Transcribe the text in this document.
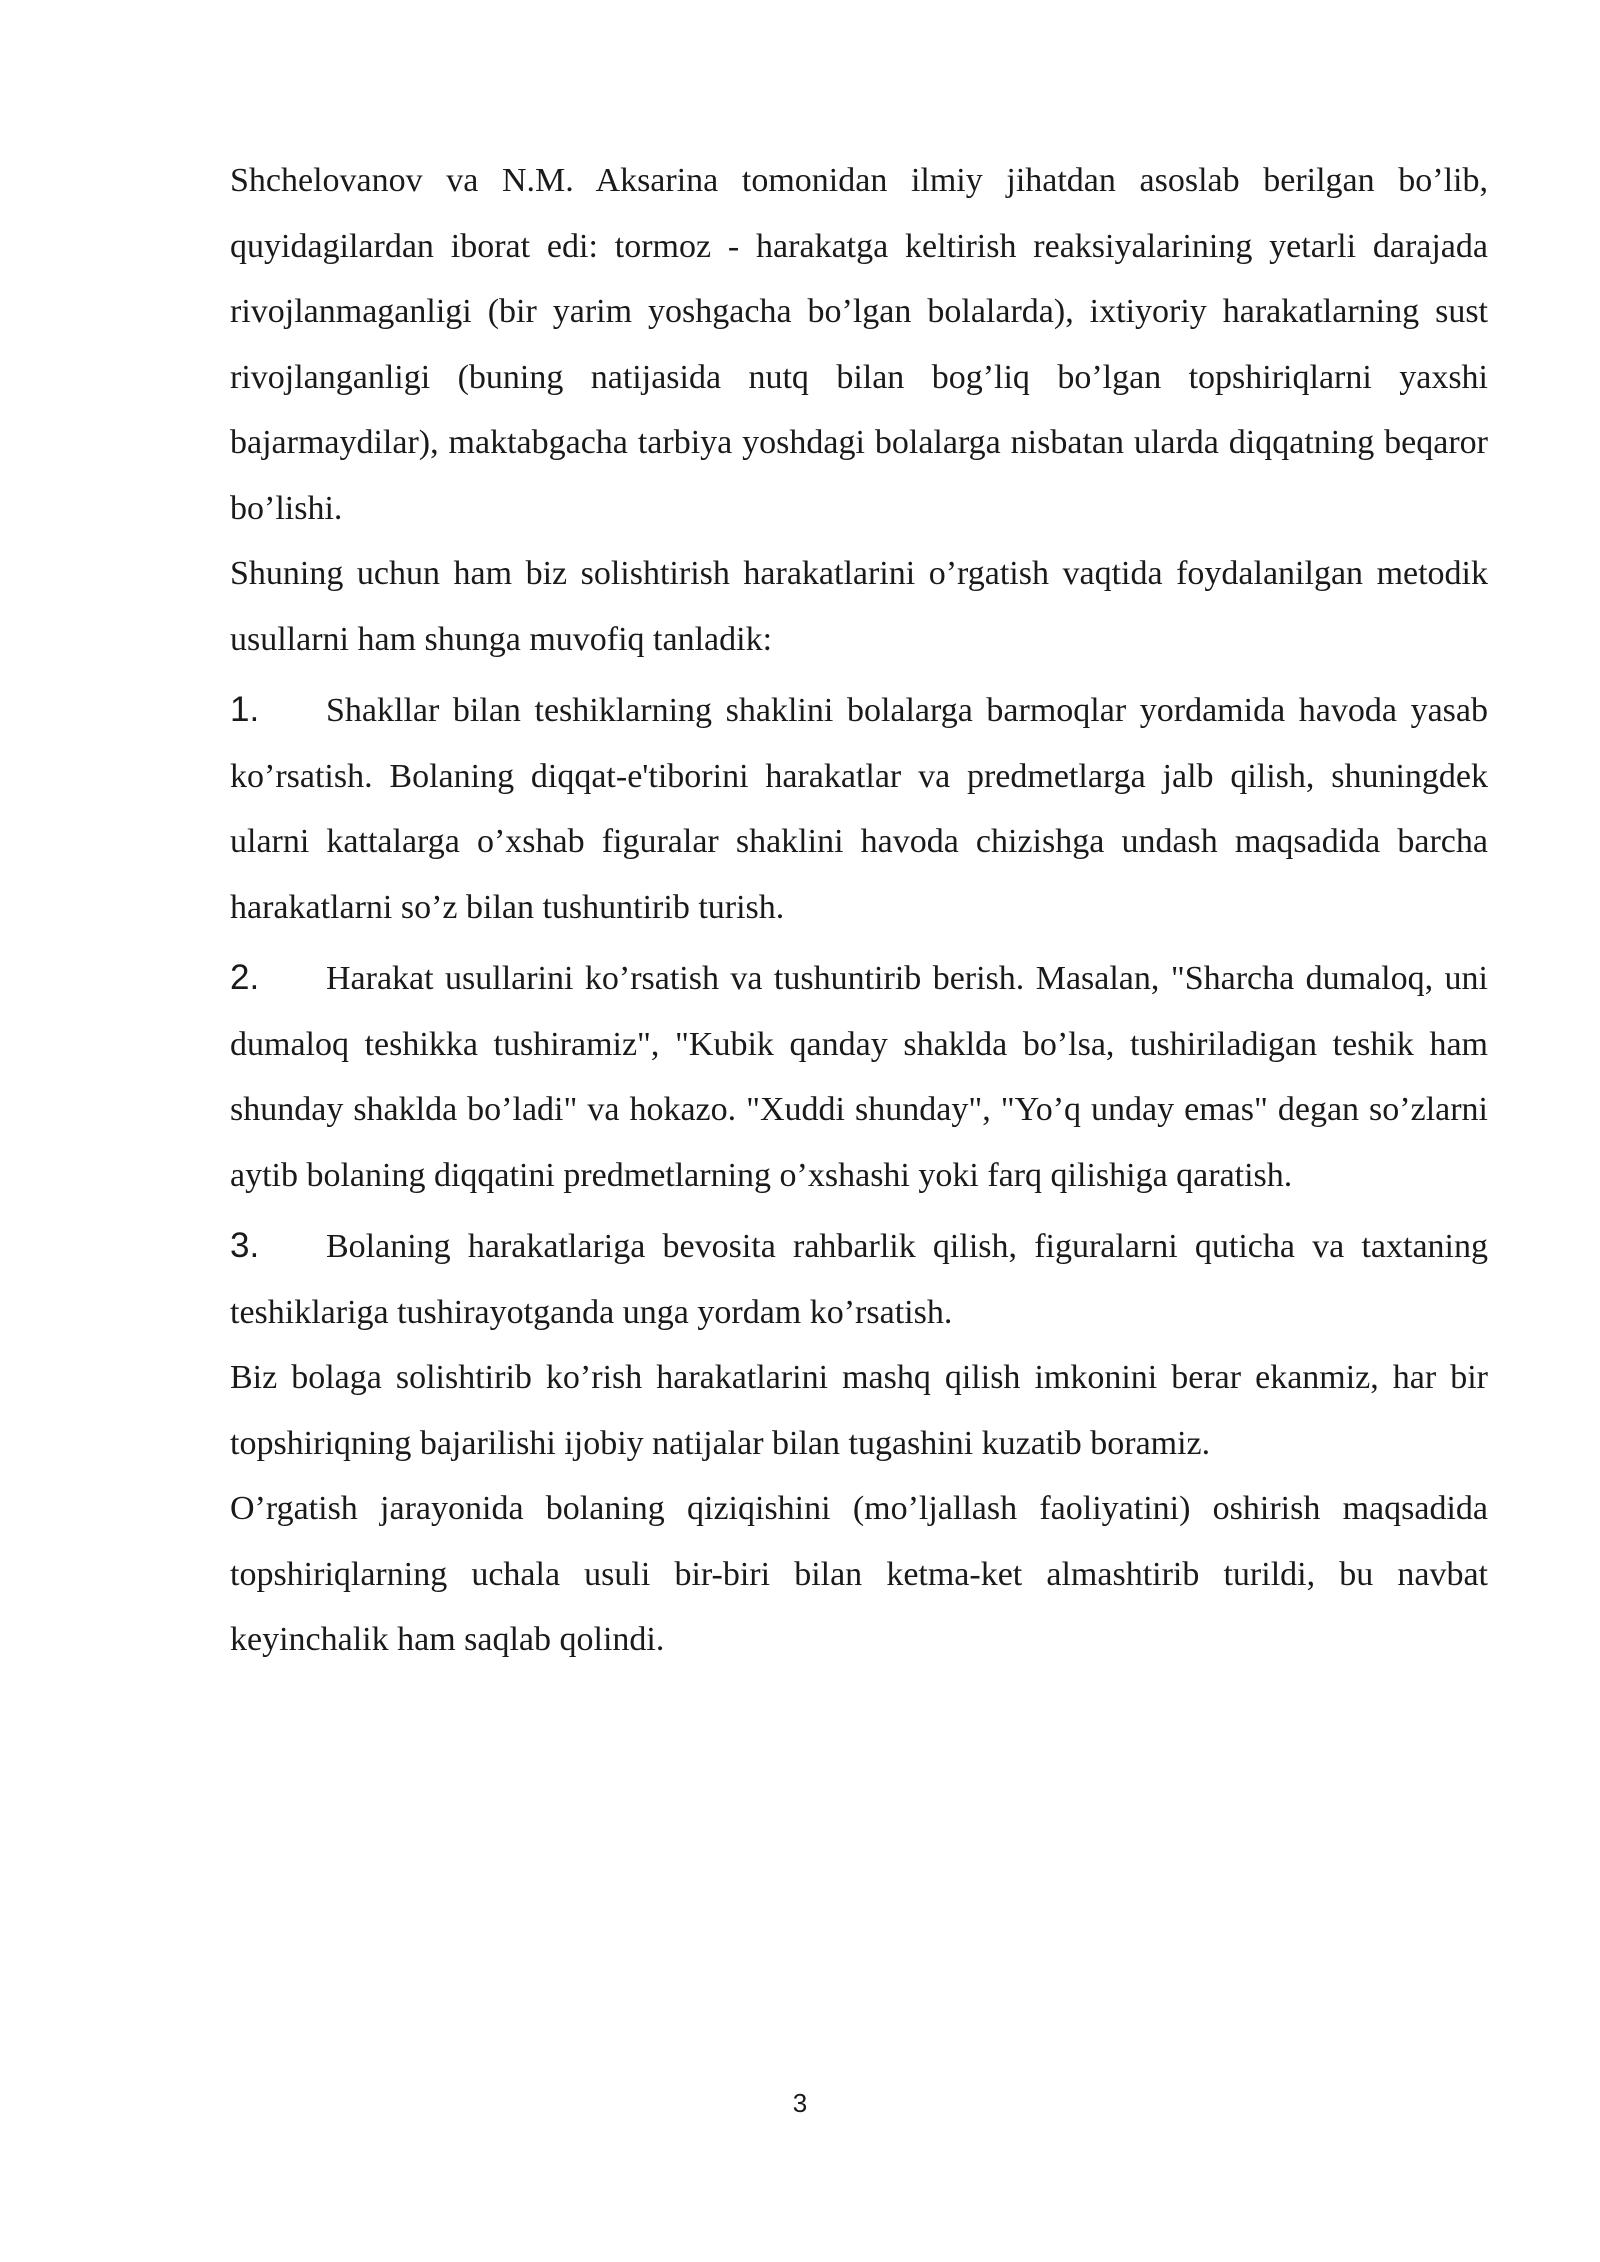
Shchelovanov va N.M. Aksarina tomonidan ilmiy jihatdan asoslab berilgan bo’lib, quyidagilardan iborat edi: tormoz - harakatga keltirish reaksiyalarining yetarli darajada rivojlanmaganligi (bir yarim yoshgacha bo’lgan bolalarda), ixtiyoriy harakatlarning sust rivojlanganligi (buning natijasida nutq bilan bog’liq bo’lgan topshiriqlarni yaxshi bajarmaydilar), maktabgacha tarbiya yoshdagi bolalarga nisbatan ularda diqqatning beqaror bo’lishi.

Shuning uchun ham biz solishtirish harakatlarini o’rgatish vaqtida foydalanilgan metodik usullarni ham shunga muvofiq tanladik:

1. Shakllar bilan teshiklarning shaklini bolalarga barmoqlar yordamida havoda yasab ko’rsatish. Bolaning diqqat-e'tiborini harakatlar va predmetlarga jalb qilish, shuningdek ularni kattalarga o’xshab figuralar shaklini havoda chizishga undash maqsadida barcha harakatlarni so’z bilan tushuntirib turish.

2. Harakat usullarini ko’rsatish va tushuntirib berish. Masalan, "Sharcha dumaloq, uni dumaloq teshikka tushiramiz", "Kubik qanday shaklda bo’lsa, tushiriladigan teshik ham shunday shaklda bo’ladi" va hokazo. "Xuddi shunday", "Yo’q unday emas" degan so’zlarni aytib bolaning diqqatini predmetlarning o’xshashi yoki farq qilishiga qaratish.

3. Bolaning harakatlariga bevosita rahbarlik qilish, figuralarni quticha va taxtaning teshiklariga tushirayotganda unga yordam ko’rsatish.

Biz bolaga solishtirib ko’rish harakatlarini mashq qilish imkonini berar ekanmiz, har bir topshiriqning bajarilishi ijobiy natijalar bilan tugashini kuzatib boramiz.

O’rgatish jarayonida bolaning qiziqishini (mo’ljallash faoliyatini) oshirish maqsadida topshiriqlarning uchala usuli bir-biri bilan ketma-ket almashtirib turildi, bu navbat keyinchalik ham saqlab qolindi.

3
